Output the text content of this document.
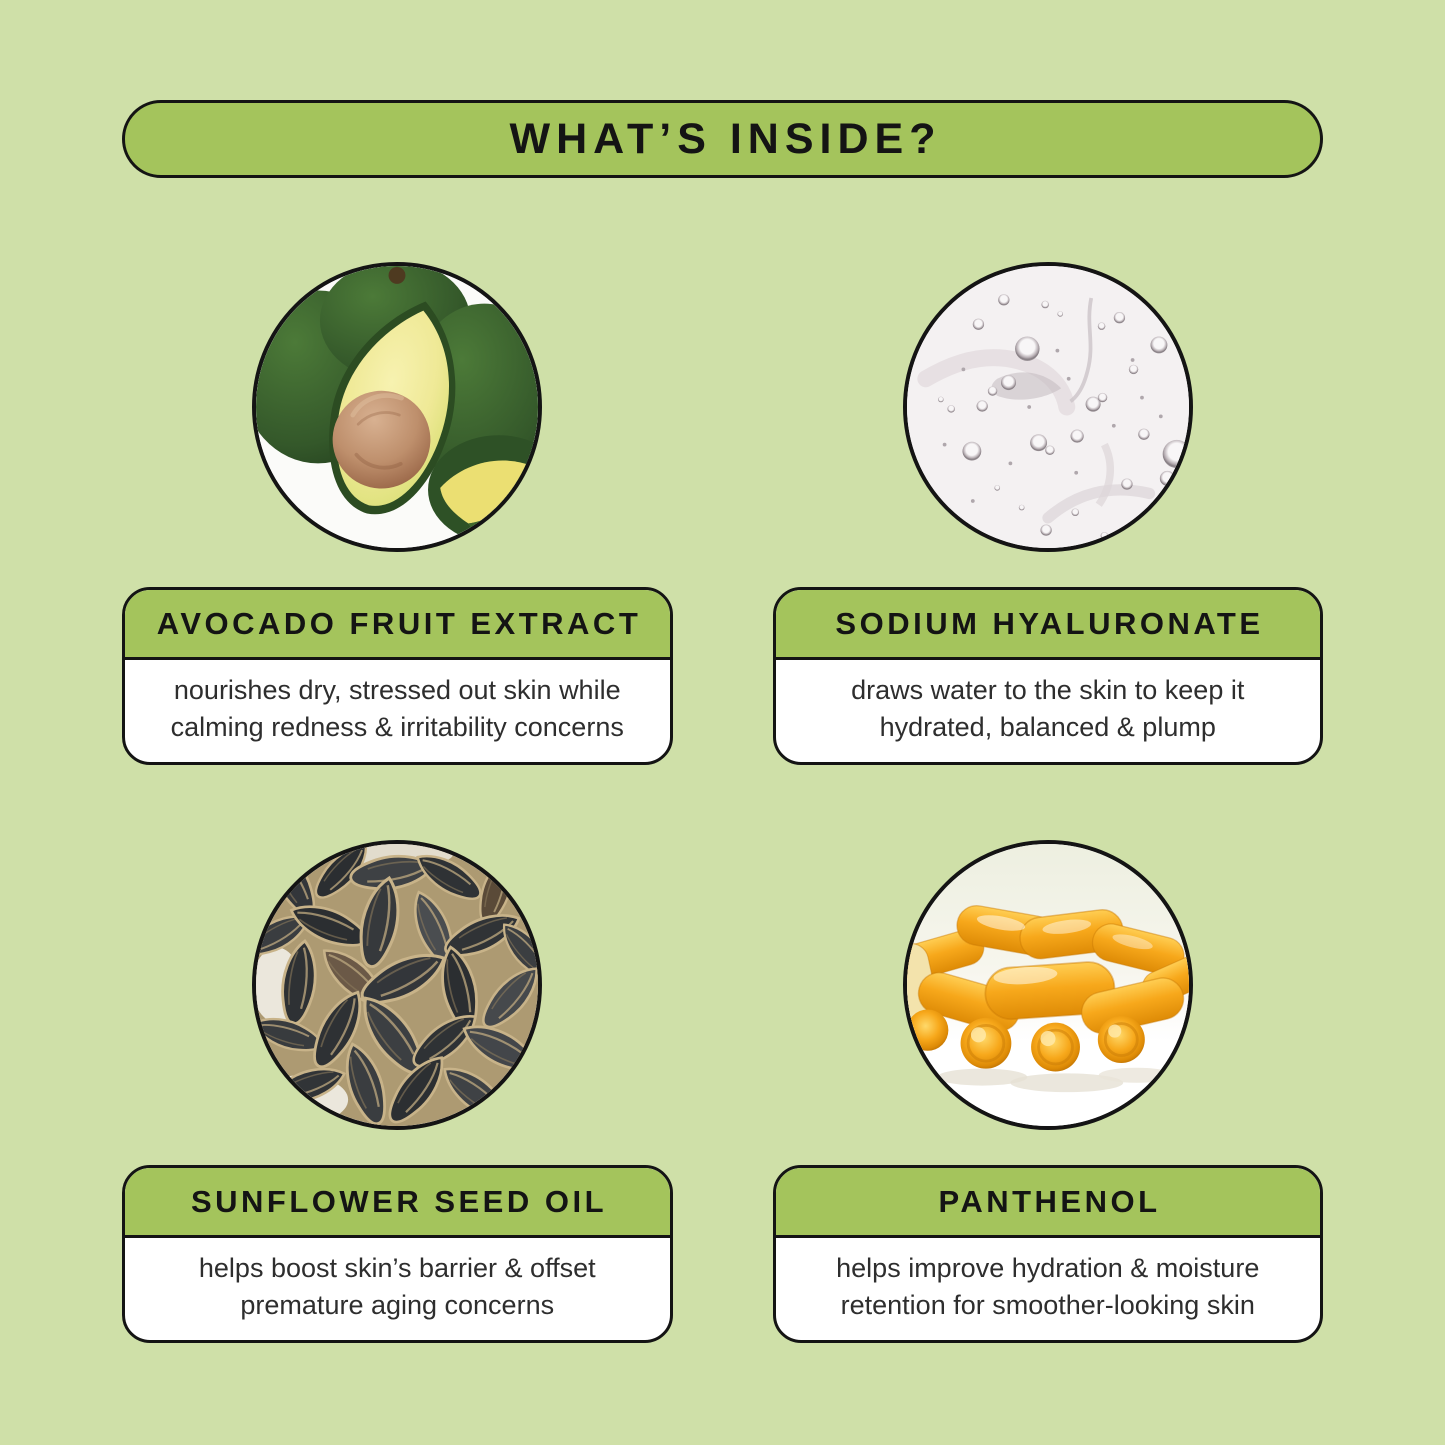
WHAT’S INSIDE?
AVOCADO FRUIT EXTRACT

nourishes dry, stressed out skin while calming redness & irritability concerns

SODIUM HYALURONATE

draws water to the skin to keep it hydrated, balanced & plump

SUNFLOWER SEED OIL

helps boost skin’s barrier & offset premature aging concerns

PANTHENOL

helps improve hydration & moisture retention for smoother-looking skin
